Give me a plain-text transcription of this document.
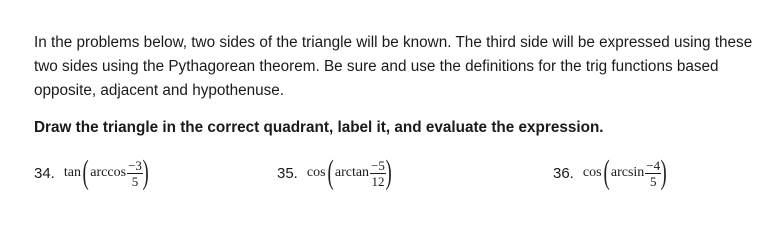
In the problems below, two sides of the triangle will be known. The third side will be expressed using these two sides using the Pythagorean theorem. Be sure and use the definitions for the trig functions based opposite, adjacent and hypothenuse.

Draw the triangle in the correct quadrant, label it, and evaluate the expression.

34. tan ( $\arccos \frac{-3}{5}$ )	35. cos ( $\arctan \frac{-5}{12}$ )	36. cos ( $\arcsin \frac{-4}{5}$ )
